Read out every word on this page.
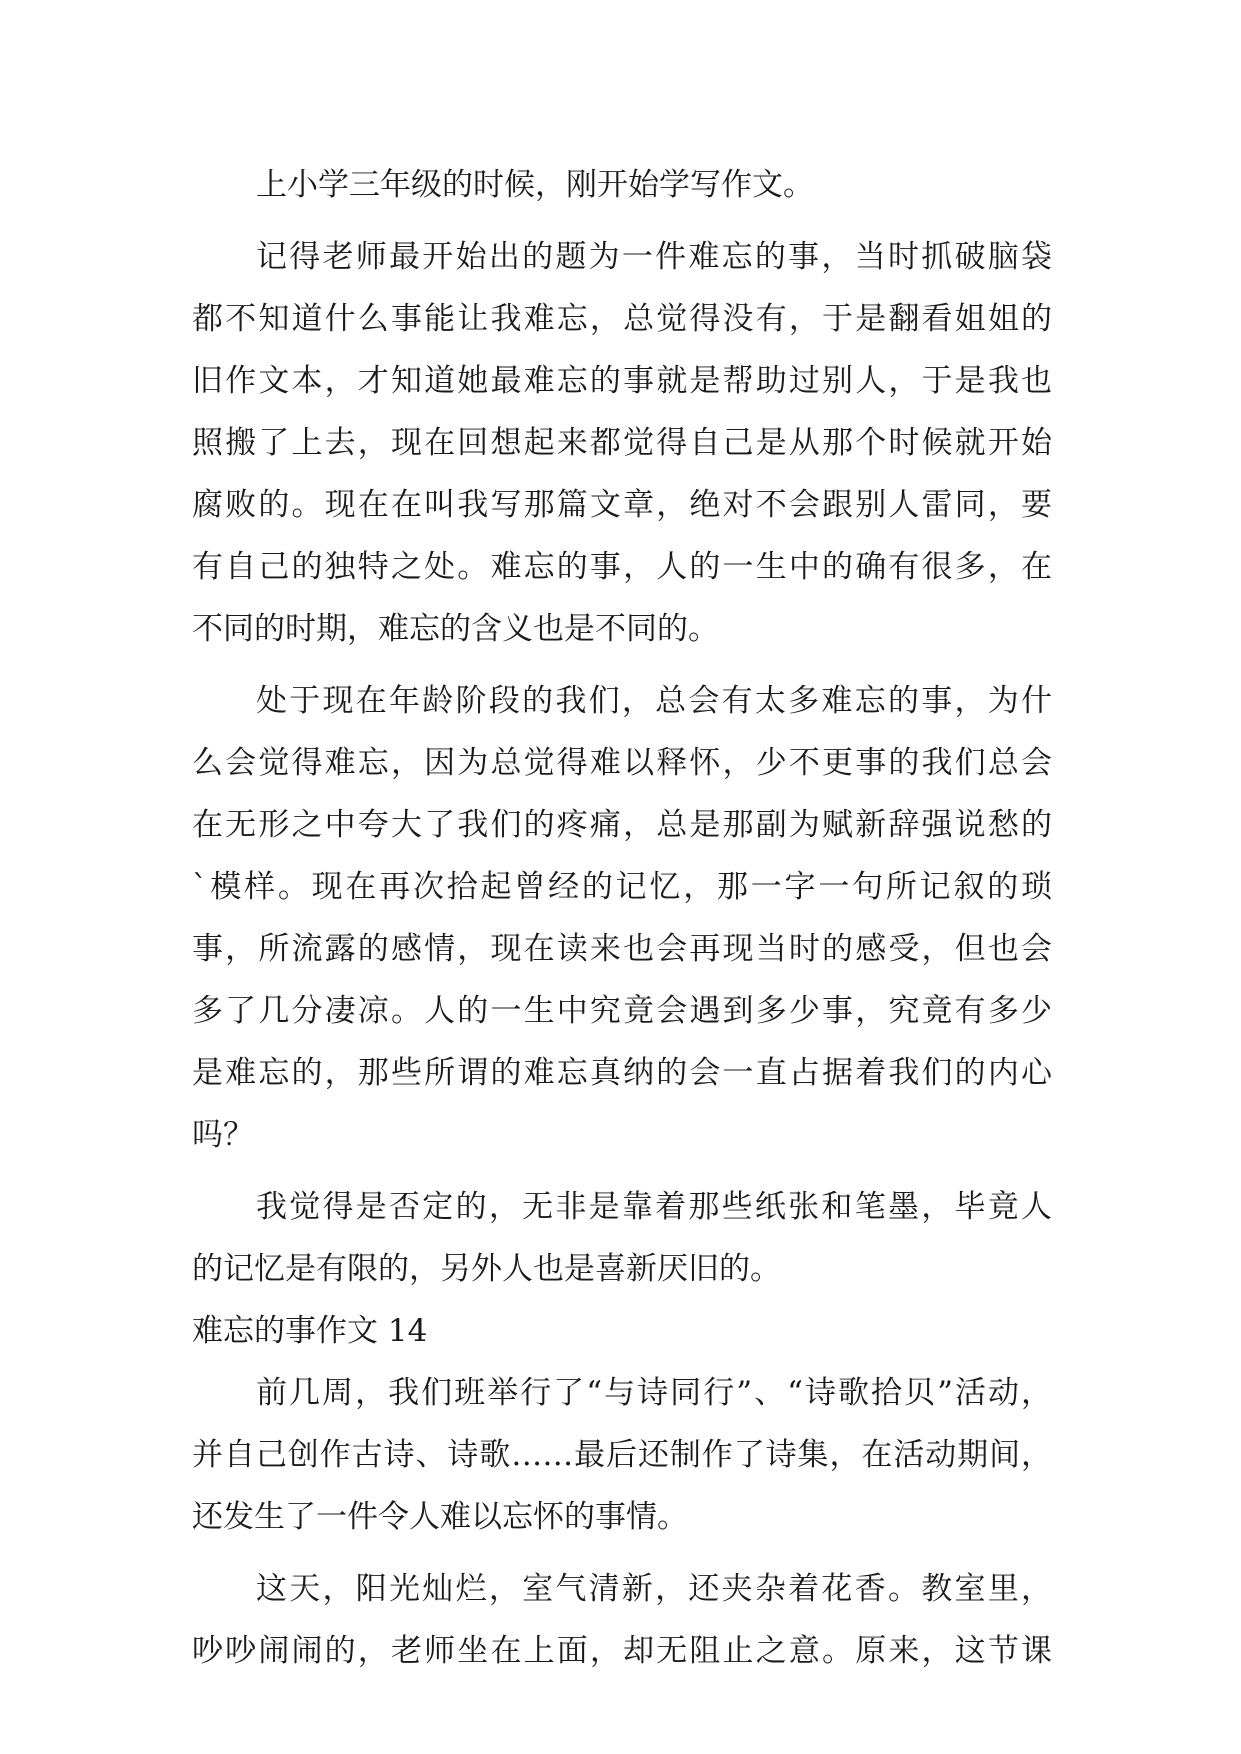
上小学三年级的时候，刚开始学写作文。
记得老师最开始出的题为一件难忘的事，当时抓破脑袋
都不知道什么事能让我难忘，总觉得没有，于是翻看姐姐的
旧作文本，才知道她最难忘的事就是帮助过别人，于是我也
照搬了上去，现在回想起来都觉得自己是从那个时候就开始
腐败的。现在在叫我写那篇文章，绝对不会跟别人雷同，要
有自己的独特之处。难忘的事，人的一生中的确有很多，在
不同的时期，难忘的含义也是不同的。
处于现在年龄阶段的我们，总会有太多难忘的事，为什
么会觉得难忘，因为总觉得难以释怀，少不更事的我们总会
在无形之中夸大了我们的疼痛，总是那副为赋新辞强说愁的
`模样。现在再次拾起曾经的记忆，那一字一句所记叙的琐
事，所流露的感情，现在读来也会再现当时的感受，但也会
多了几分凄凉。人的一生中究竟会遇到多少事，究竟有多少
是难忘的，那些所谓的难忘真纳的会一直占据着我们的内心
吗？
我觉得是否定的，无非是靠着那些纸张和笔墨，毕竟人
的记忆是有限的，另外人也是喜新厌旧的。
难忘的事作文 14
前几周，我们班举行了“与诗同行”、“诗歌拾贝”活动，
并自己创作古诗、诗歌……最后还制作了诗集，在活动期间，
还发生了一件令人难以忘怀的事情。
这天，阳光灿烂，室气清新，还夹杂着花香。教室里，
吵吵闹闹的，老师坐在上面，却无阻止之意。原来，这节课
